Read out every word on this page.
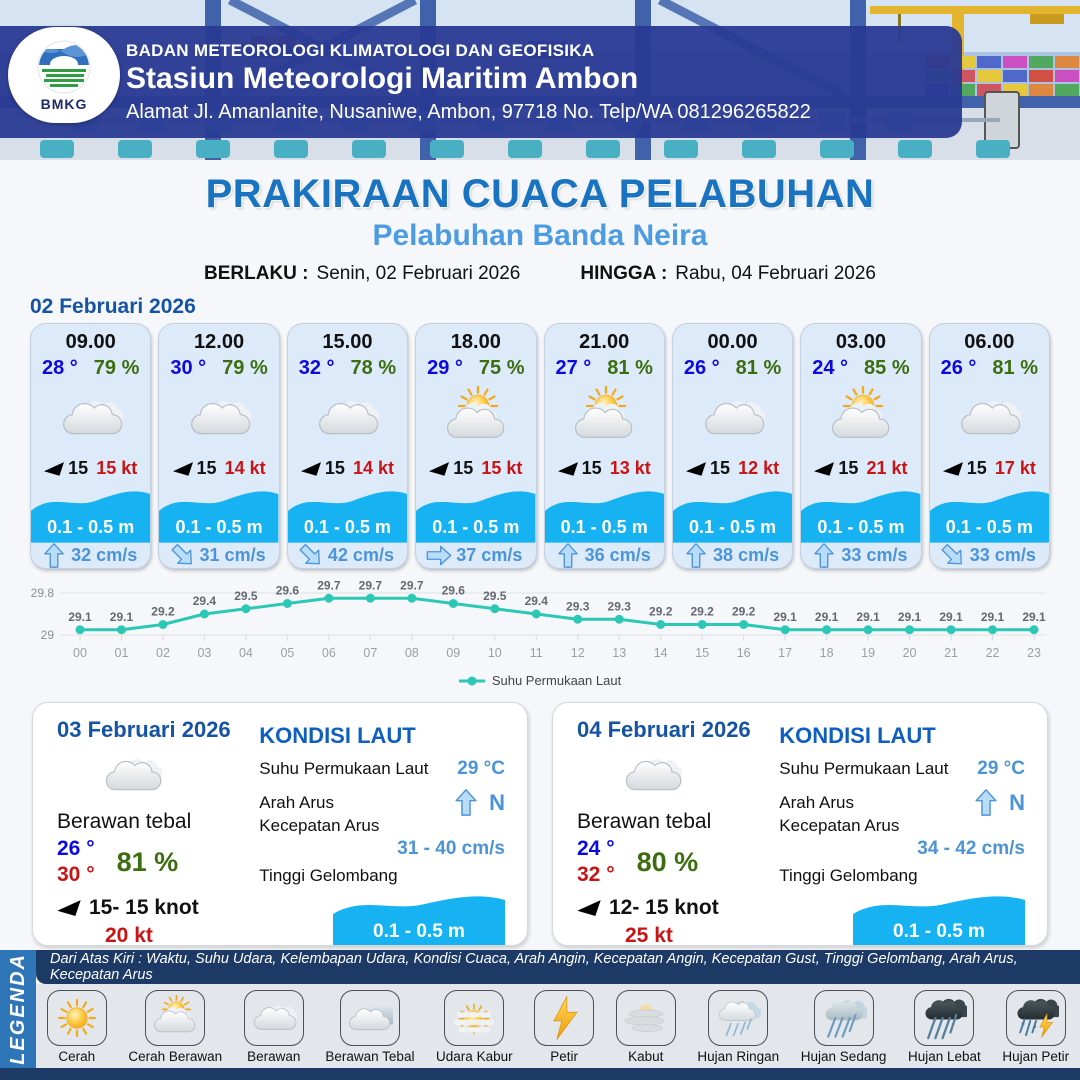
BADAN METEOROLOGI KLIMATOLOGI DAN GEOFISIKA
Stasiun Meteorologi Maritim Ambon
Alamat Jl. Amanlanite, Nusaniwe, Ambon, 97718 No. Telp/WA 081296265822
BMKG
PRAKIRAAN CUACA PELABUHAN
Pelabuhan Banda Neira
BERLAKU : Senin, 02 Februari 2026	HINGGA : Rabu, 04 Februari 2026
02 Februari 2026
09.00
28 ° 79 %
15 15 kt
0.1 - 0.5 m
32 cm/s
12.00
30 ° 79 %
15 14 kt
0.1 - 0.5 m
31 cm/s
15.00
32 ° 78 %
15 14 kt
0.1 - 0.5 m
42 cm/s
18.00
29 ° 75 %
15 15 kt
0.1 - 0.5 m
37 cm/s
21.00
27 ° 81 %
15 13 kt
0.1 - 0.5 m
36 cm/s
00.00
26 ° 81 %
15 12 kt
0.1 - 0.5 m
38 cm/s
03.00
24 ° 85 %
15 21 kt
0.1 - 0.5 m
33 cm/s
06.00
26 ° 81 %
15 17 kt
0.1 - 0.5 m
33 cm/s
29
29.8
00 01 02 03 04 05 06 07 08 09 10 11 12 13 14 15 16 17 18 19 20 21 22 23
29.1 29.1 29.2
29.4 29.5 29.6 29.7 29.7 29.7 29.6 29.5 29.4 29.3 29.3 29.2 29.2 29.2 29.1 29.1 29.1 29.1 29.1 29.1 29.1
Suhu Permukaan Laut
03 Februari 2026
Berawan tebal
26 °
30 ° 81 %
15- 15 knot
20 kt
KONDISI LAUT
Suhu Permukaan Laut 29 °C
Arah Arus	N
Kecepatan Arus
31 - 40 cm/s
Tinggi Gelombang
0.1 - 0.5 m
04 Februari 2026
Berawan tebal
24 °
32 ° 80 %
12- 15 knot
25 kt
KONDISI LAUT
Suhu Permukaan Laut 29 °C
Arah Arus	N
Kecepatan Arus
34 - 42 cm/s
Tinggi Gelombang
0.1 - 0.5 m
LEGENDA	Dari Atas Kiri : Waktu, Suhu Udara, Kelembapan Udara, Kondisi Cuaca, Arah Angin, Kecepatan Angin, Kecepatan Gust, Tinggi Gelombang, Arah Arus, Kecepatan Arus
Cerah	Cerah Berawan Berawan Berawan Tebal Udara Kabur	Petir	Kabut	Hujan Ringan Hujan Sedang Hujan Lebat Hujan Petir
